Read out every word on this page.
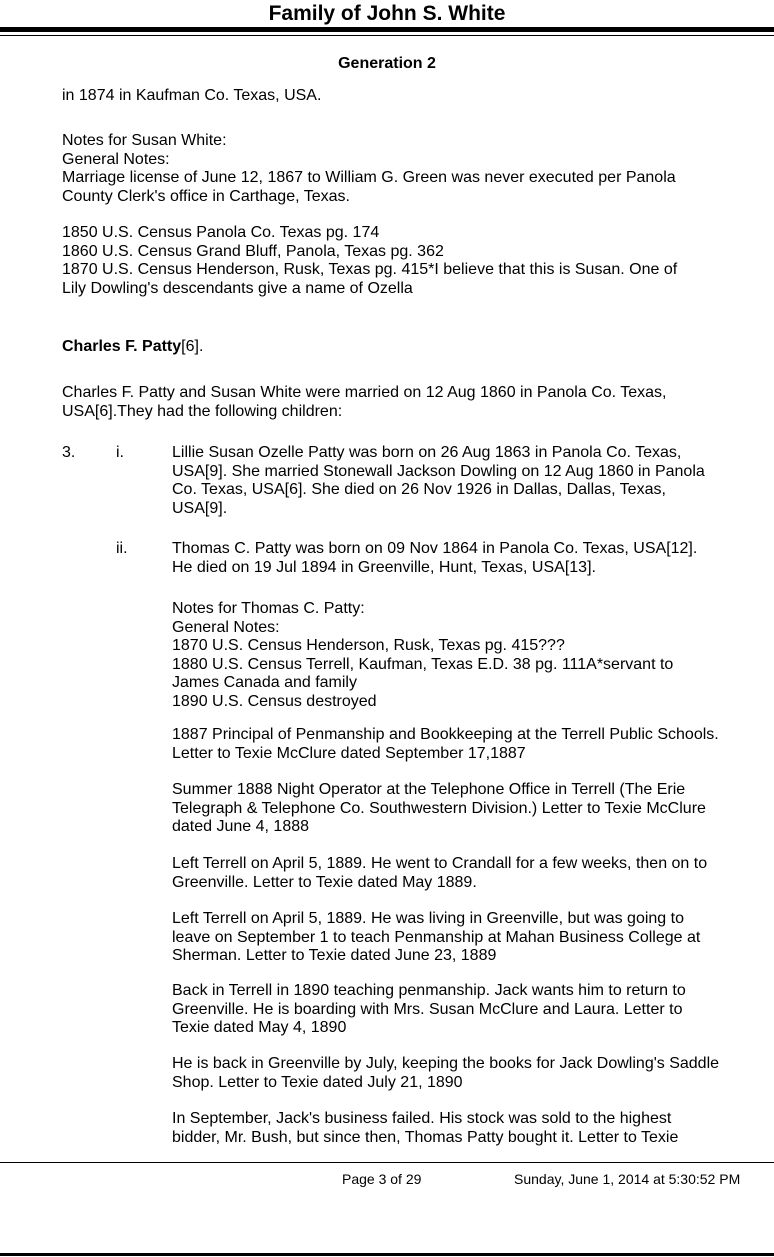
Family of John S. White
Generation 2

in 1874 in Kaufman Co. Texas, USA.

Notes for Susan White:
General Notes:
Marriage license of June 12, 1867 to William G. Green was never executed per Panola
County Clerk's office in Carthage, Texas.

1850 U.S. Census Panola Co. Texas pg. 174
1860 U.S. Census Grand Bluff, Panola, Texas pg. 362
1870 U.S. Census Henderson, Rusk, Texas pg. 415*I believe that this is Susan. One of
Lily Dowling's descendants give a name of Ozella

Charles F. Patty[6].

Charles F. Patty and Susan White were married on 12 Aug 1860 in Panola Co. Texas,
USA[6].They had the following children:

3.	i.	Lillie Susan Ozelle Patty was born on 26 Aug 1863 in Panola Co. Texas,
USA[9]. She married Stonewall Jackson Dowling on 12 Aug 1860 in Panola
Co. Texas, USA[6]. She died on 26 Nov 1926 in Dallas, Dallas, Texas,
USA[9].

ii.	Thomas C. Patty was born on 09 Nov 1864 in Panola Co. Texas, USA[12].
He died on 19 Jul 1894 in Greenville, Hunt, Texas, USA[13].

Notes for Thomas C. Patty:
General Notes:
1870 U.S. Census Henderson, Rusk, Texas pg. 415???
1880 U.S. Census Terrell, Kaufman, Texas E.D. 38 pg. 111A*servant to
James Canada and family
1890 U.S. Census destroyed

1887 Principal of Penmanship and Bookkeeping at the Terrell Public Schools.
Letter to Texie McClure dated September 17,1887

Summer 1888 Night Operator at the Telephone Office in Terrell (The Erie
Telegraph & Telephone Co. Southwestern Division.) Letter to Texie McClure
dated June 4, 1888

Left Terrell on April 5, 1889. He went to Crandall for a few weeks, then on to
Greenville. Letter to Texie dated May 1889.

Left Terrell on April 5, 1889. He was living in Greenville, but was going to
leave on September 1 to teach Penmanship at Mahan Business College at
Sherman. Letter to Texie dated June 23, 1889

Back in Terrell in 1890 teaching penmanship. Jack wants him to return to
Greenville. He is boarding with Mrs. Susan McClure and Laura. Letter to
Texie dated May 4, 1890

He is back in Greenville by July, keeping the books for Jack Dowling's Saddle
Shop. Letter to Texie dated July 21, 1890

In September, Jack's business failed. His stock was sold to the highest
bidder, Mr. Bush, but since then, Thomas Patty bought it. Letter to Texie

Page 3 of 29	Sunday, June 1, 2014 at 5:30:52 PM
